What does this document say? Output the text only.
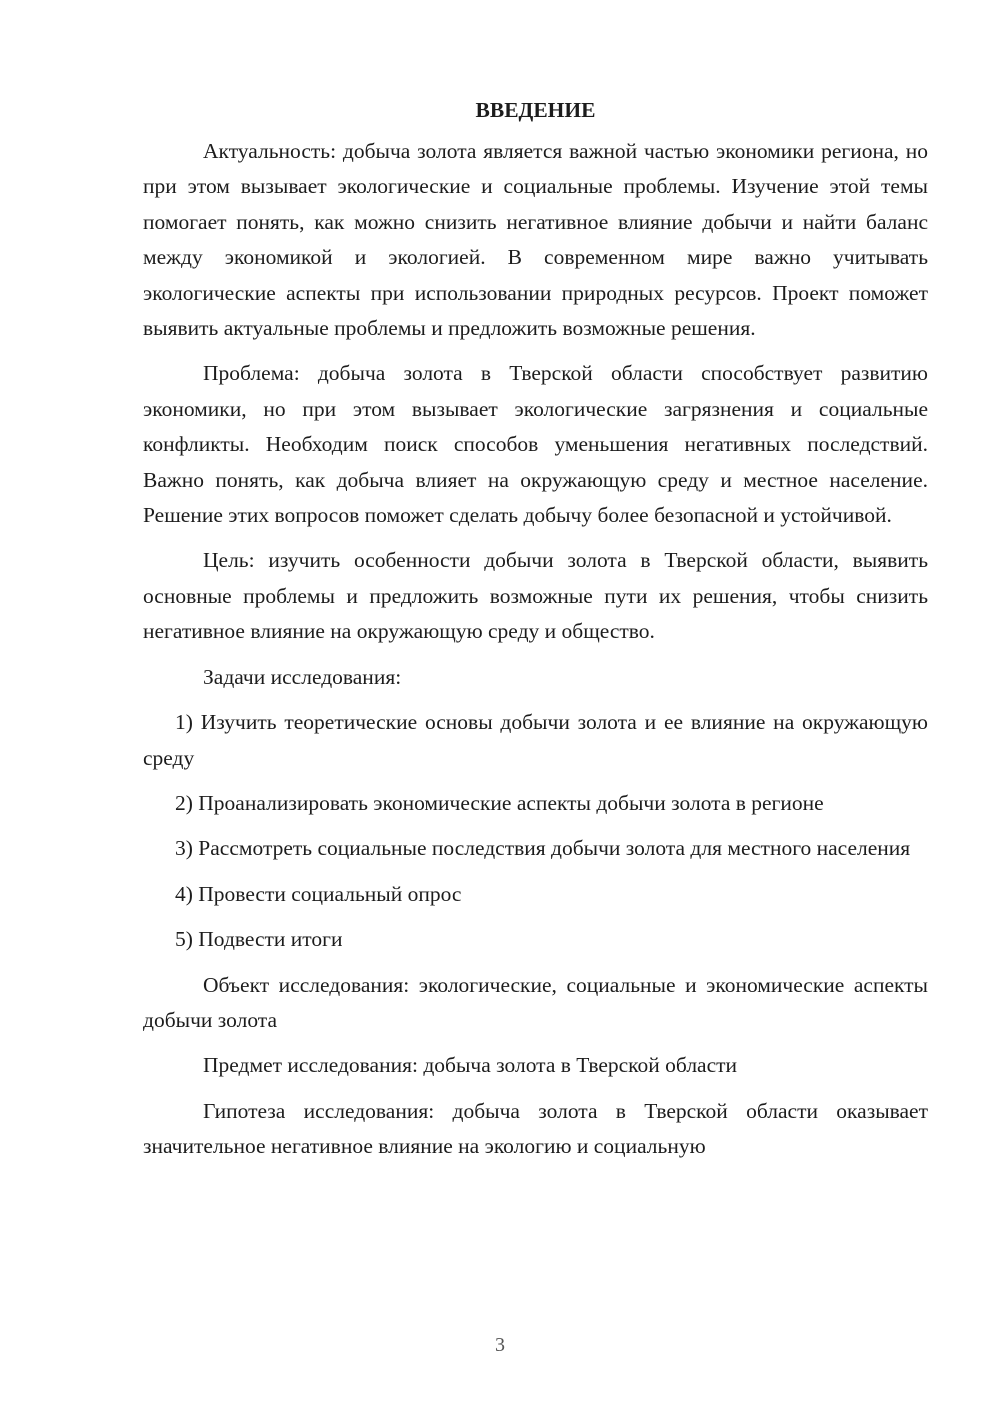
ВВЕДЕНИЕ

Актуальность: добыча золота является важной частью экономики региона, но при этом вызывает экологические и социальные проблемы. Изучение этой темы помогает понять, как можно снизить негативное влияние добычи и найти баланс между экономикой и экологией. В современном мире важно учитывать экологические аспекты при использовании природных ресурсов. Проект поможет выявить актуальные проблемы и предложить возможные решения.

Проблема: добыча золота в Тверской области способствует развитию экономики, но при этом вызывает экологические загрязнения и социальные конфликты. Необходим поиск способов уменьшения негативных последствий. Важно понять, как добыча влияет на окружающую среду и местное население. Решение этих вопросов поможет сделать добычу более безопасной и устойчивой.

Цель: изучить особенности добычи золота в Тверской области, выявить основные проблемы и предложить возможные пути их решения, чтобы снизить негативное влияние на окружающую среду и общество.

Задачи исследования:

1) Изучить теоретические основы добычи золота и ее влияние на окружающую среду

2) Проанализировать экономические аспекты добычи золота в регионе

3) Рассмотреть социальные последствия добычи золота для местного населения

4) Провести социальный опрос

5) Подвести итоги

Объект исследования: экологические, социальные и экономические аспекты добычи золота

Предмет исследования: добыча золота в Тверской области

Гипотеза исследования: добыча золота в Тверской области оказывает значительное негативное влияние на экологию и социальную

3
